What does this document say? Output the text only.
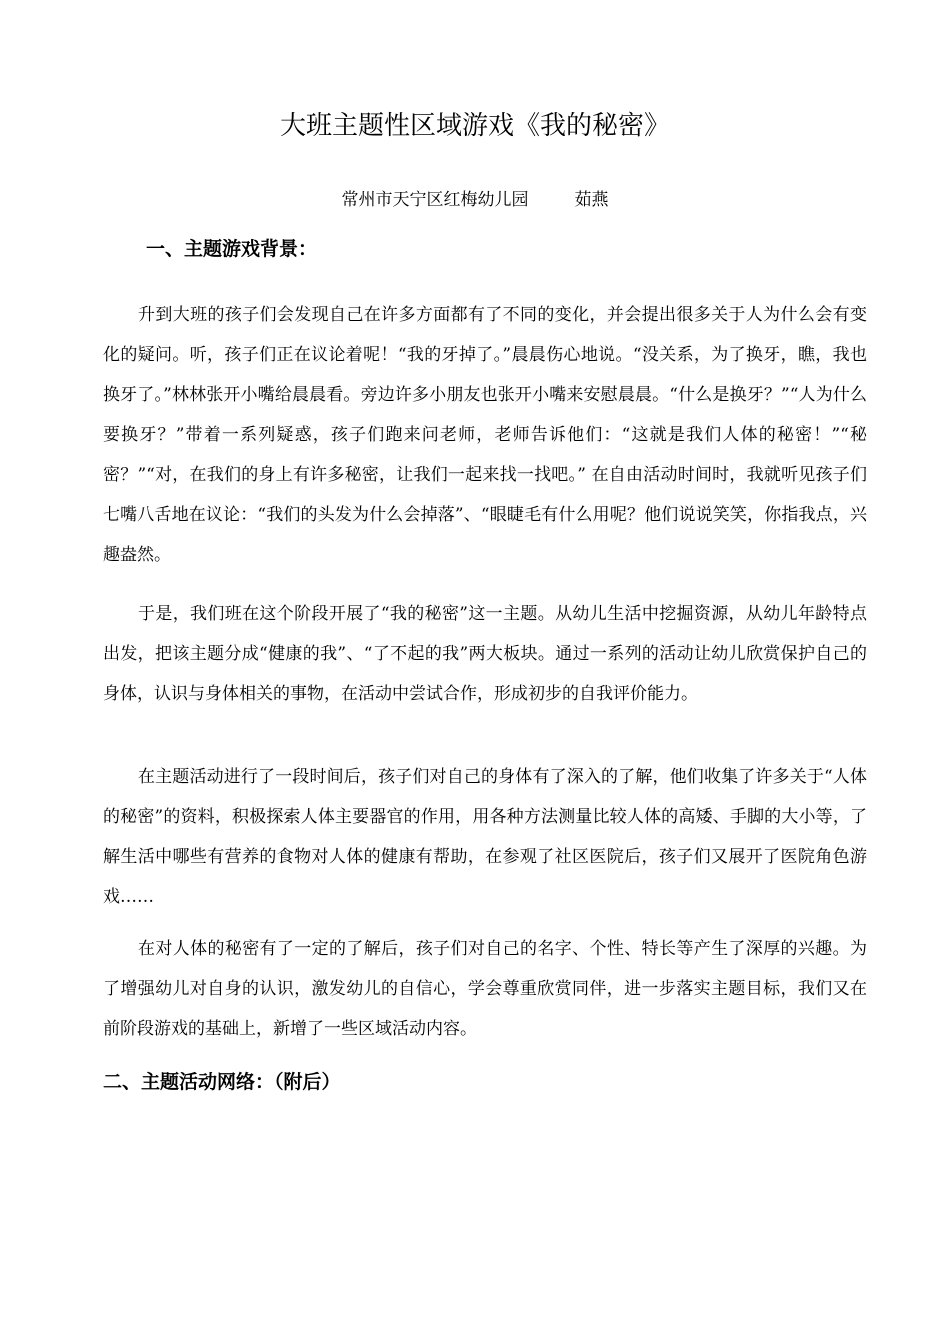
大班主题性区域游戏《我的秘密》
常州市天宁区红梅幼儿园	茹燕
一、主题游戏背景：

升到大班的孩子们会发现自己在许多方面都有了不同的变化，并会提出很多关于人为什么会有变化的疑问。听，孩子们正在议论着呢！“我的牙掉了。”晨晨伤心地说。“没关系，为了换牙，瞧，我也换牙了。”林林张开小嘴给晨晨看。旁边许多小朋友也张开小嘴来安慰晨晨。“什么是换牙？”“人为什么要换牙？”带着一系列疑惑，孩子们跑来问老师，老师告诉他们：“这就是我们人体的秘密！”“秘密？”“对，在我们的身上有许多秘密，让我们一起来找一找吧。” 在自由活动时间时，我就听见孩子们七嘴八舌地在议论：“我们的头发为什么会掉落”、“眼睫毛有什么用呢？他们说说笑笑，你指我点，兴趣盎然。

于是，我们班在这个阶段开展了“我的秘密”这一主题。从幼儿生活中挖掘资源，从幼儿年龄特点出发，把该主题分成“健康的我”、“了不起的我”两大板块。通过一系列的活动让幼儿欣赏保护自己的身体，认识与身体相关的事物，在活动中尝试合作，形成初步的自我评价能力。

在主题活动进行了一段时间后，孩子们对自己的身体有了深入的了解，他们收集了许多关于“人体的秘密”的资料，积极探索人体主要器官的作用，用各种方法测量比较人体的高矮、手脚的大小等，了解生活中哪些有营养的食物对人体的健康有帮助，在参观了社区医院后，孩子们又展开了医院角色游戏……

在对人体的秘密有了一定的了解后，孩子们对自己的名字、个性、特长等产生了深厚的兴趣。为了增强幼儿对自身的认识，激发幼儿的自信心，学会尊重欣赏同伴，进一步落实主题目标，我们又在前阶段游戏的基础上，新增了一些区域活动内容。

二、主题活动网络：（附后）
